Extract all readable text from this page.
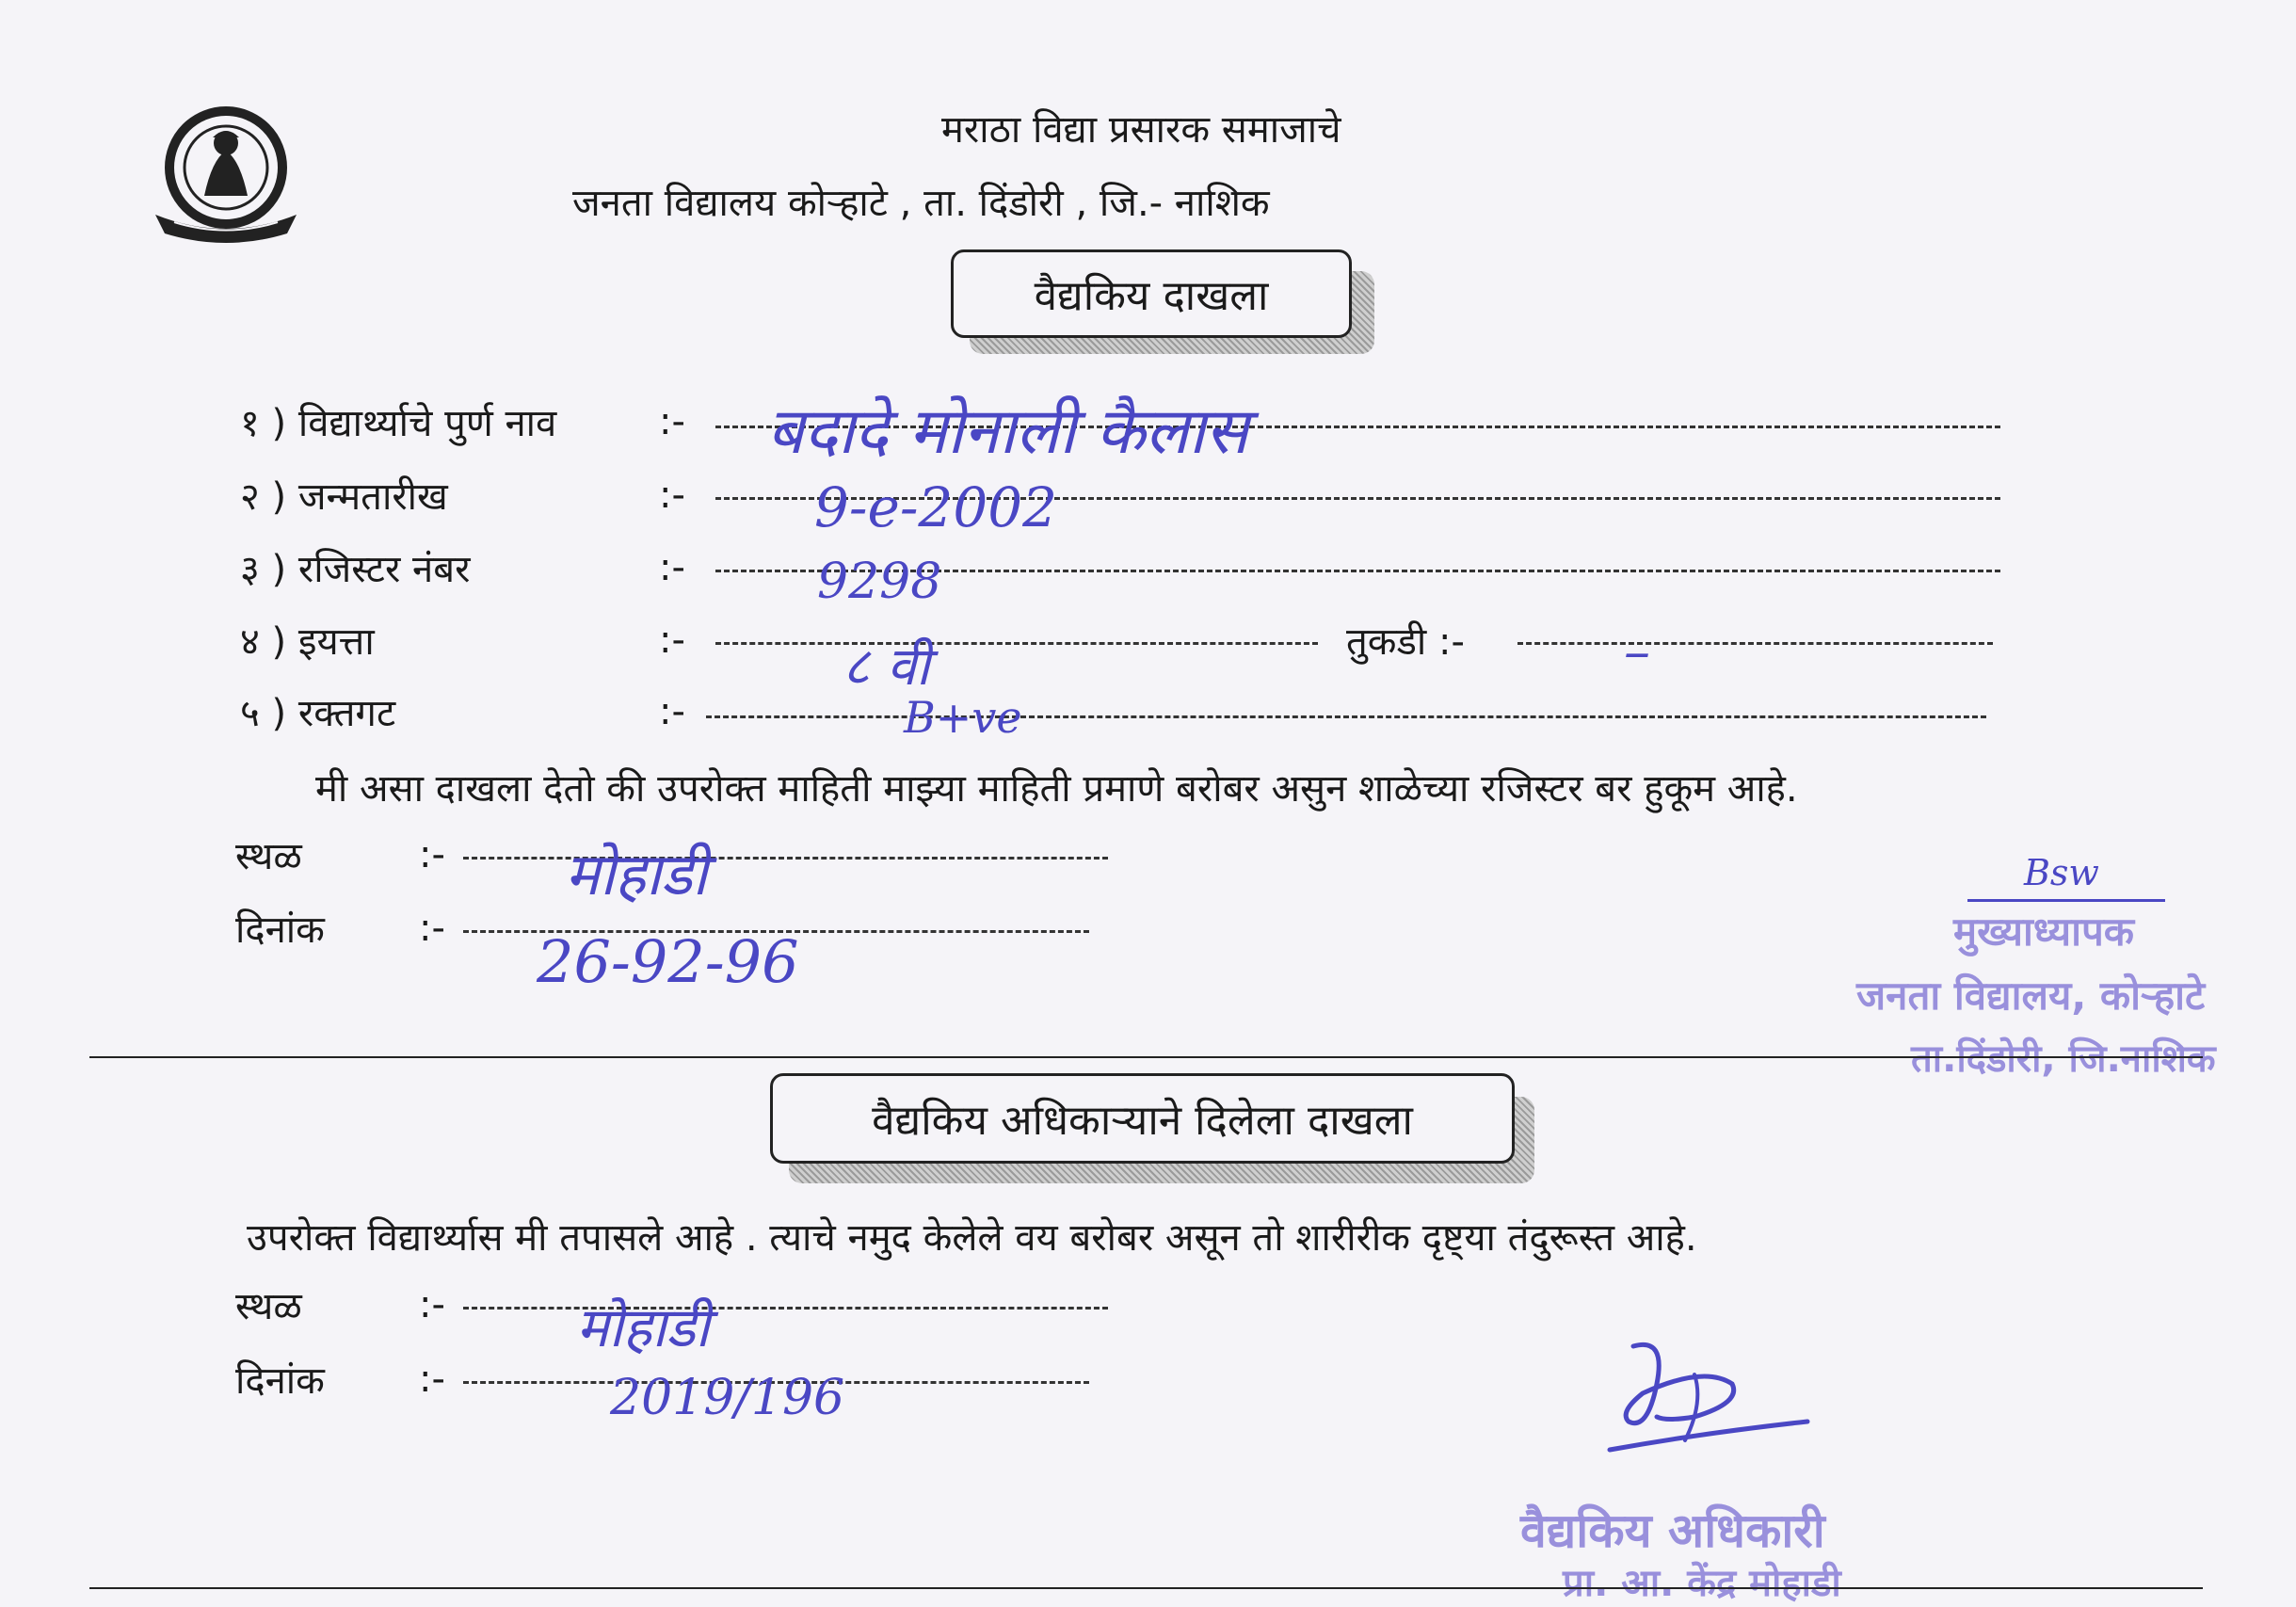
मराठा विद्या प्रसारक समाजाचे
जनता विद्यालय कोऱ्हाटे , ता. दिंडोरी , जि.- नाशिक
वैद्यकिय दाखला
१ ) विद्यार्थ्याचे पुर्ण नाव	:- बदादे मोनाली कैलास
२ ) जन्मतारीख	:- 9-e-2002
३ ) रजिस्टर नंबर	:-	9298
४ ) इयत्ता	:-	८ वी	तुकडी :-	–
५ ) रक्तगट	:-	B+ve
मी असा दाखला देतो की उपरोक्त माहिती माझ्या माहिती प्रमाणे बरोबर असुन शाळेच्या रजिस्टर बर हुकूम आहे.
स्थळ	:- मोहाडी
दिनांक	:- 26-92-96
Bsw
मुख्याध्यापक
जनता विद्यालय, कोऱ्हाटे
ता.दिंडोरी, जि.नाशिक
वैद्यकिय अधिकाऱ्याने दिलेला दाखला
उपरोक्त विद्यार्थ्यास मी तपासले आहे . त्याचे नमुद केलेले वय बरोबर असून तो शारीरीक दृष्ट्या तंदुरूस्त आहे.
स्थळ	:- मोहाडी
दिनांक	:-	2019/196
वैद्यकिय अधिकारी
प्रा. आ. केंद्र मोहाडी
